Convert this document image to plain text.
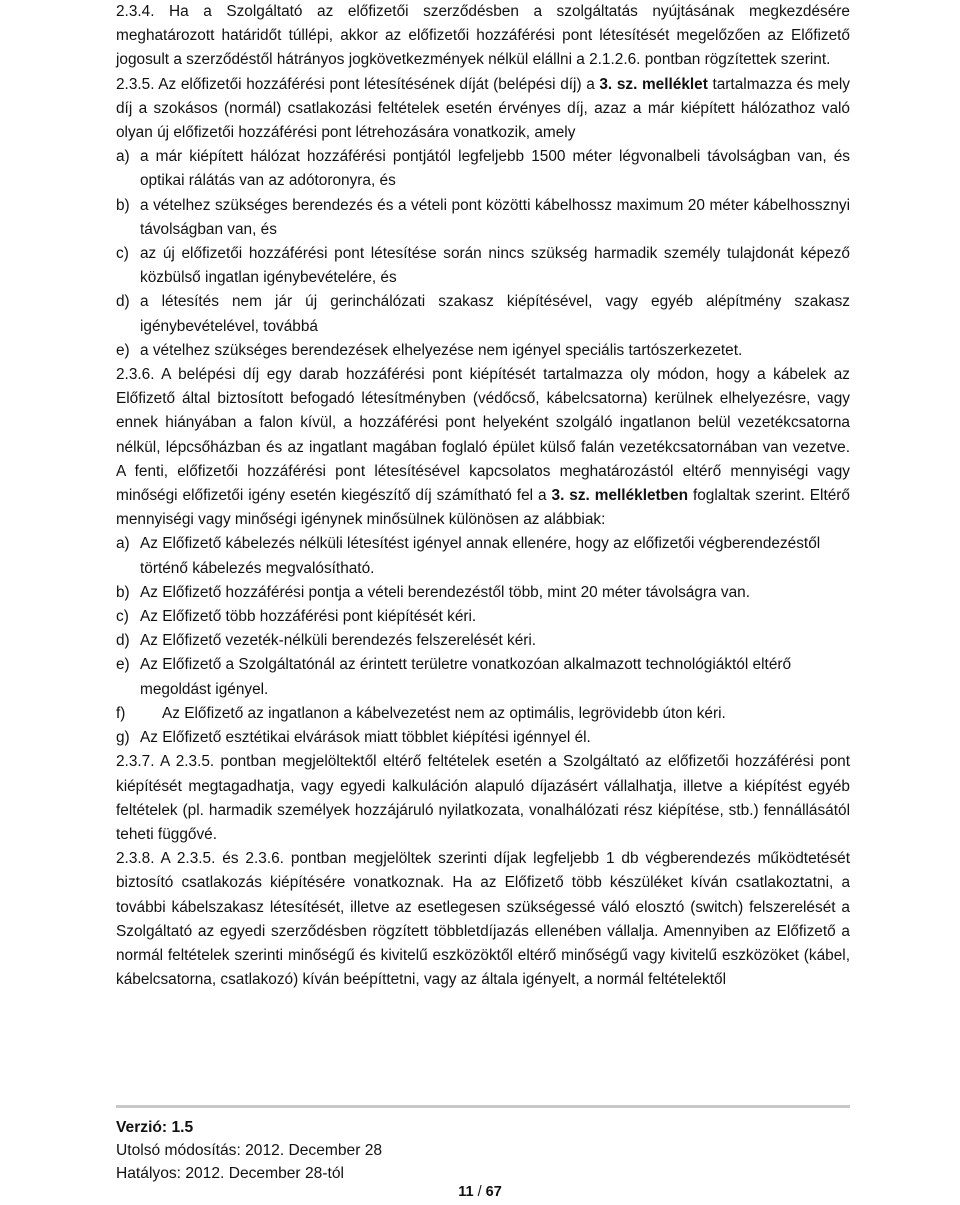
2.3.4. Ha a Szolgáltató az előfizetői szerződésben a szolgáltatás nyújtásának megkezdésére meghatározott határidőt túllépi, akkor az előfizetői hozzáférési pont létesítését megelőzően az Előfizető jogosult a szerződéstől hátrányos jogkövetkezmények nélkül elállni a 2.1.2.6. pontban rögzítettek szerint.

2.3.5. Az előfizetői hozzáférési pont létesítésének díját (belépési díj) a 3. sz. melléklet tartalmazza és mely díj a szokásos (normál) csatlakozási feltételek esetén érvényes díj, azaz a már kiépített hálózathoz való olyan új előfizetői hozzáférési pont létrehozására vonatkozik, amely

a) a már kiépített hálózat hozzáférési pontjától legfeljebb 1500 méter légvonalbeli távolságban van, és optikai rálátás van az adótoronyra, és
b) a vételhez szükséges berendezés és a vételi pont közötti kábelhossz maximum 20 méter kábelhossznyi távolságban van, és
c) az új előfizetői hozzáférési pont létesítése során nincs szükség harmadik személy tulajdonát képező közbülső ingatlan igénybevételére, és
d) a létesítés nem jár új gerinchálózati szakasz kiépítésével, vagy egyéb alépítmény szakasz igénybevételével, továbbá
e) a vételhez szükséges berendezések elhelyezése nem igényel speciális tartószerkezetet.

2.3.6. A belépési díj egy darab hozzáférési pont kiépítését tartalmazza oly módon, hogy a kábelek az Előfizető által biztosított befogadó létesítményben (védőcső, kábelcsatorna) kerülnek elhelyezésre, vagy ennek hiányában a falon kívül, a hozzáférési pont helyeként szolgáló ingatlanon belül vezetékcsatorna nélkül, lépcsőházban és az ingatlant magában foglaló épület külső falán vezetékcsatornában van vezetve. A fenti, előfizetői hozzáférési pont létesítésével kapcsolatos meghatározástól eltérő mennyiségi vagy minőségi előfizetői igény esetén kiegészítő díj számítható fel a 3. sz. mellékletben foglaltak szerint. Eltérő mennyiségi vagy minőségi igénynek minősülnek különösen az alábbiak:

a) Az Előfizető kábelezés nélküli létesítést igényel annak ellenére, hogy az előfizetői végberendezéstől történő kábelezés megvalósítható.
b) Az Előfizető hozzáférési pontja a vételi berendezéstől több, mint 20 méter távolságra van.
c) Az Előfizető több hozzáférési pont kiépítését kéri.
d) Az Előfizető vezeték-nélküli berendezés felszerelését kéri.
e) Az Előfizető a Szolgáltatónál az érintett területre vonatkozóan alkalmazott technológiáktól eltérő megoldást igényel.
f)	Az Előfizető az ingatlanon a kábelvezetést nem az optimális, legrövidebb úton kéri.
g) Az Előfizető esztétikai elvárások miatt többlet kiépítési igénnyel él.

2.3.7. A 2.3.5. pontban megjelöltektől eltérő feltételek esetén a Szolgáltató az előfizetői hozzáférési pont kiépítését megtagadhatja, vagy egyedi kalkuláción alapuló díjazásért vállalhatja, illetve a kiépítést egyéb feltételek (pl. harmadik személyek hozzájáruló nyilatkozata, vonalhálózati rész kiépítése, stb.) fennállásától teheti függővé.

2.3.8. A 2.3.5. és 2.3.6. pontban megjelöltek szerinti díjak legfeljebb 1 db végberendezés működtetését biztosító csatlakozás kiépítésére vonatkoznak. Ha az Előfizető több készüléket kíván csatlakoztatni, a további kábelszakasz létesítését, illetve az esetlegesen szükségessé váló elosztó (switch) felszerelését a Szolgáltató az egyedi szerződésben rögzített többletdíjazás ellenében vállalja. Amennyiben az Előfizető a normál feltételek szerinti minőségű és kivitelű eszközöktől eltérő minőségű vagy kivitelű eszközöket (kábel, kábelcsatorna, csatlakozó) kíván beépíttetni, vagy az általa igényelt, a normál feltételektől

Verzió: 1.5
Utolsó módosítás: 2012. December 28
Hatályos: 2012. December 28-tól
11 / 67
